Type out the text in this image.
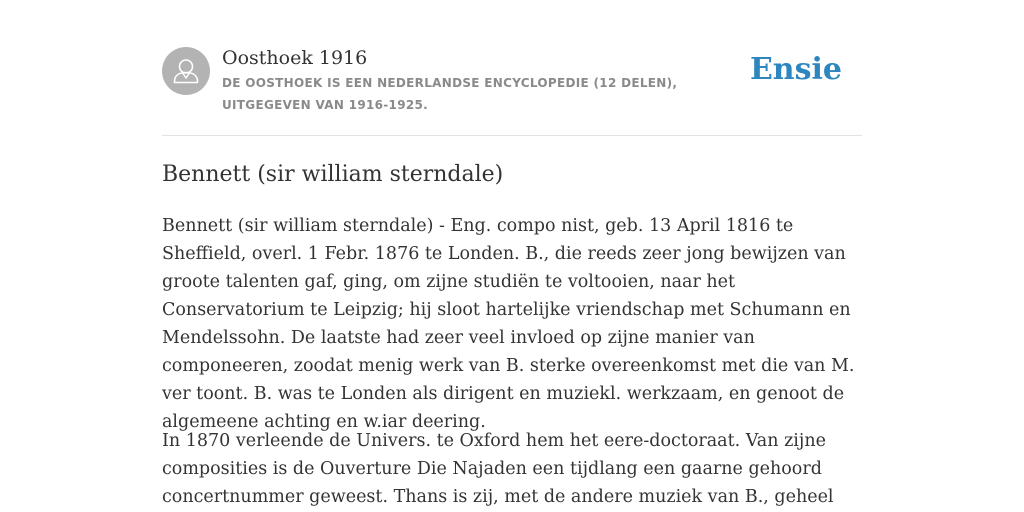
Oosthoek 1916
DE OOSTHOEK IS EEN NEDERLANDSE ENCYCLOPEDIE (12 DELEN), UITGEGEVEN VAN 1916-1925.
Ensie
Bennett (sir william sterndale)

Bennett (sir william sterndale) - Eng. compo nist, geb. 13 April 1816 te Sheffield, overl. 1 Febr. 1876 te Londen. B., die reeds zeer jong bewijzen van groote talenten gaf, ging, om zijne studiën te voltooien, naar het Conservatorium te Leipzig; hij sloot hartelijke vriendschap met Schumann en Mendelssohn. De laatste had zeer veel invloed op zijne manier van componeeren, zoodat menig werk van B. sterke overeenkomst met die van M. ver toont. B. was te Londen als dirigent en muziekl. werkzaam, en genoot de algemeene achting en w.iar deering.

In 1870 verleende de Univers. te Oxford hem het eere-doctoraat. Van zijne composities is de Ouverture Die Najaden een tijdlang een gaarne gehoord concertnummer geweest. Thans is zij, met de andere muziek van B., geheel
